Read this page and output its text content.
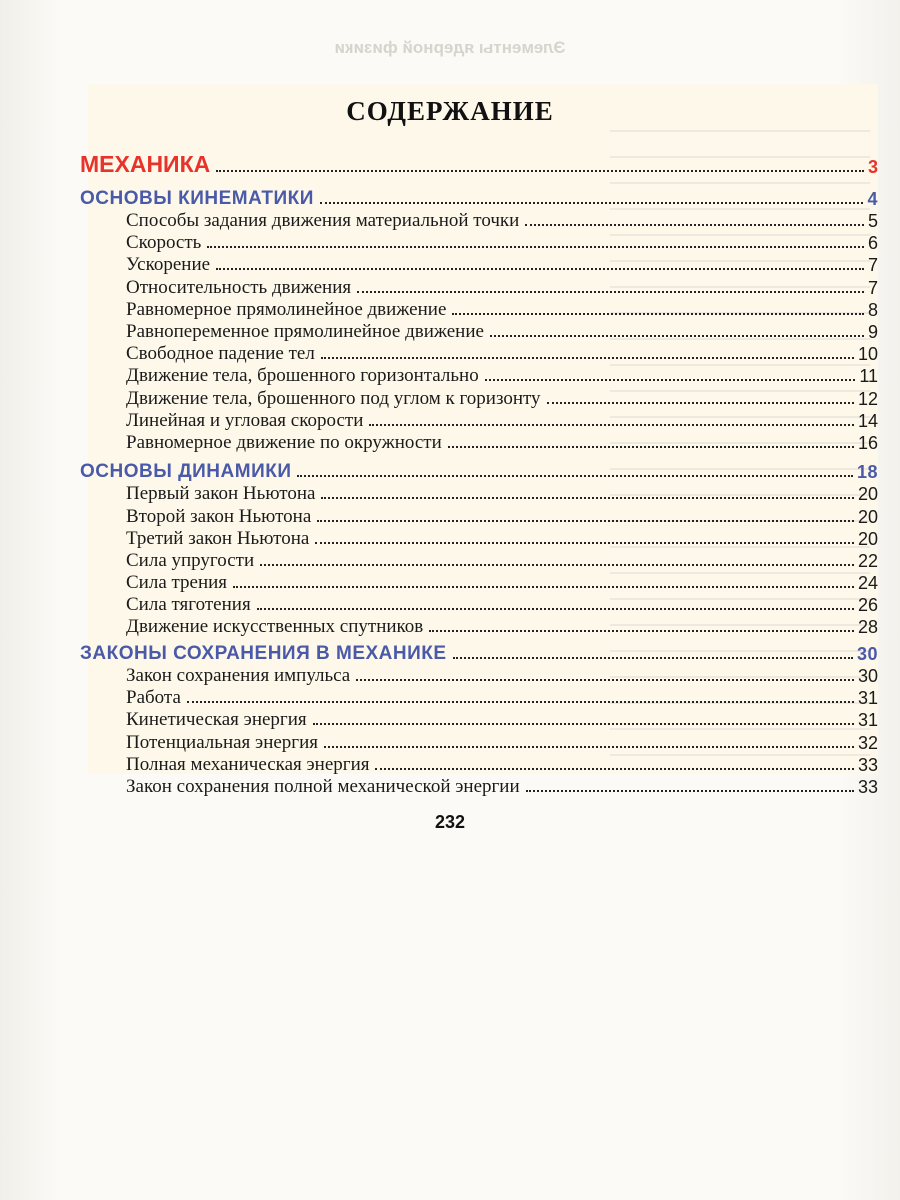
Элементы ядерной физики
СОДЕРЖАНИЕ
МЕХАНИКА	3
ОСНОВЫ КИНЕМАТИКИ	4
Способы задания движения материальной точки	5
Скорость	6
Ускорение	7
Относительность движения	7
Равномерное прямолинейное движение	8
Равнопеременное прямолинейное движение	9
Свободное падение тел	10
Движение тела, брошенного горизонтально	11
Движение тела, брошенного под углом к горизонту	12
Линейная и угловая скорости	14
Равномерное движение по окружности	16
ОСНОВЫ ДИНАМИКИ	18
Первый закон Ньютона	20
Второй закон Ньютона	20
Третий закон Ньютона	20
Сила упругости	22
Сила трения	24
Сила тяготения	26
Движение искусственных спутников	28
ЗАКОНЫ СОХРАНЕНИЯ В МЕХАНИКЕ	30
Закон сохранения импульса	30
Работа	31
Кинетическая энергия	31
Потенциальная энергия	32
Полная механическая энергия	33
Закон сохранения полной механической энергии	33
232
